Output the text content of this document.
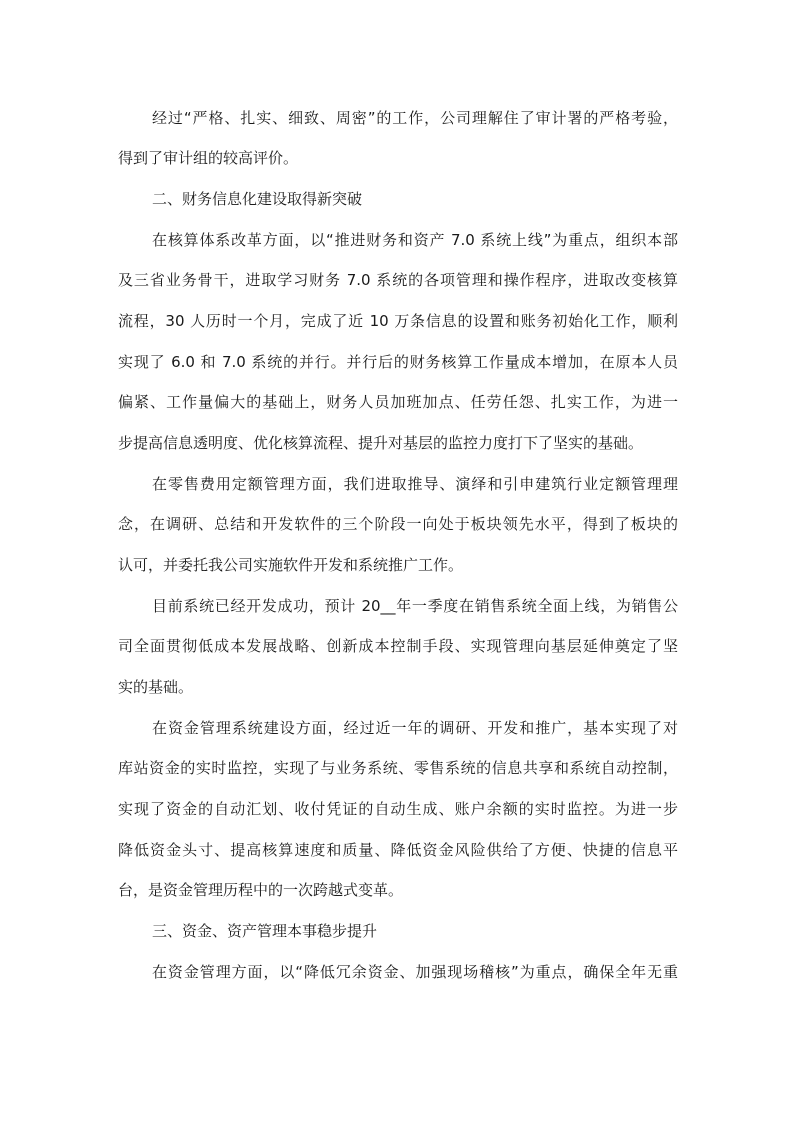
经过“严格、扎实、细致、周密”的工作，公司理解住了审计署的严格考验，
得到了审计组的较高评价。
二、财务信息化建设取得新突破
在核算体系改革方面，以“推进财务和资产 7.0 系统上线”为重点，组织本部
及三省业务骨干，进取学习财务 7.0 系统的各项管理和操作程序，进取改变核算
流程，30 人历时一个月，完成了近 10 万条信息的设置和账务初始化工作，顺利
实现了 6.0 和 7.0 系统的并行。并行后的财务核算工作量成本增加，在原本人员
偏紧、工作量偏大的基础上，财务人员加班加点、任劳任怨、扎实工作，为进一
步提高信息透明度、优化核算流程、提升对基层的监控力度打下了坚实的基础。
在零售费用定额管理方面，我们进取推导、演绎和引申建筑行业定额管理理
念，在调研、总结和开发软件的三个阶段一向处于板块领先水平，得到了板块的
认可，并委托我公司实施软件开发和系统推广工作。
目前系统已经开发成功，预计 20__年一季度在销售系统全面上线，为销售公
司全面贯彻低成本发展战略、创新成本控制手段、实现管理向基层延伸奠定了坚
实的基础。
在资金管理系统建设方面，经过近一年的调研、开发和推广，基本实现了对
库站资金的实时监控，实现了与业务系统、零售系统的信息共享和系统自动控制，
实现了资金的自动汇划、收付凭证的自动生成、账户余额的实时监控。为进一步
降低资金头寸、提高核算速度和质量、降低资金风险供给了方便、快捷的信息平
台，是资金管理历程中的一次跨越式变革。
三、资金、资产管理本事稳步提升
在资金管理方面，以“降低冗余资金、加强现场稽核”为重点，确保全年无重
